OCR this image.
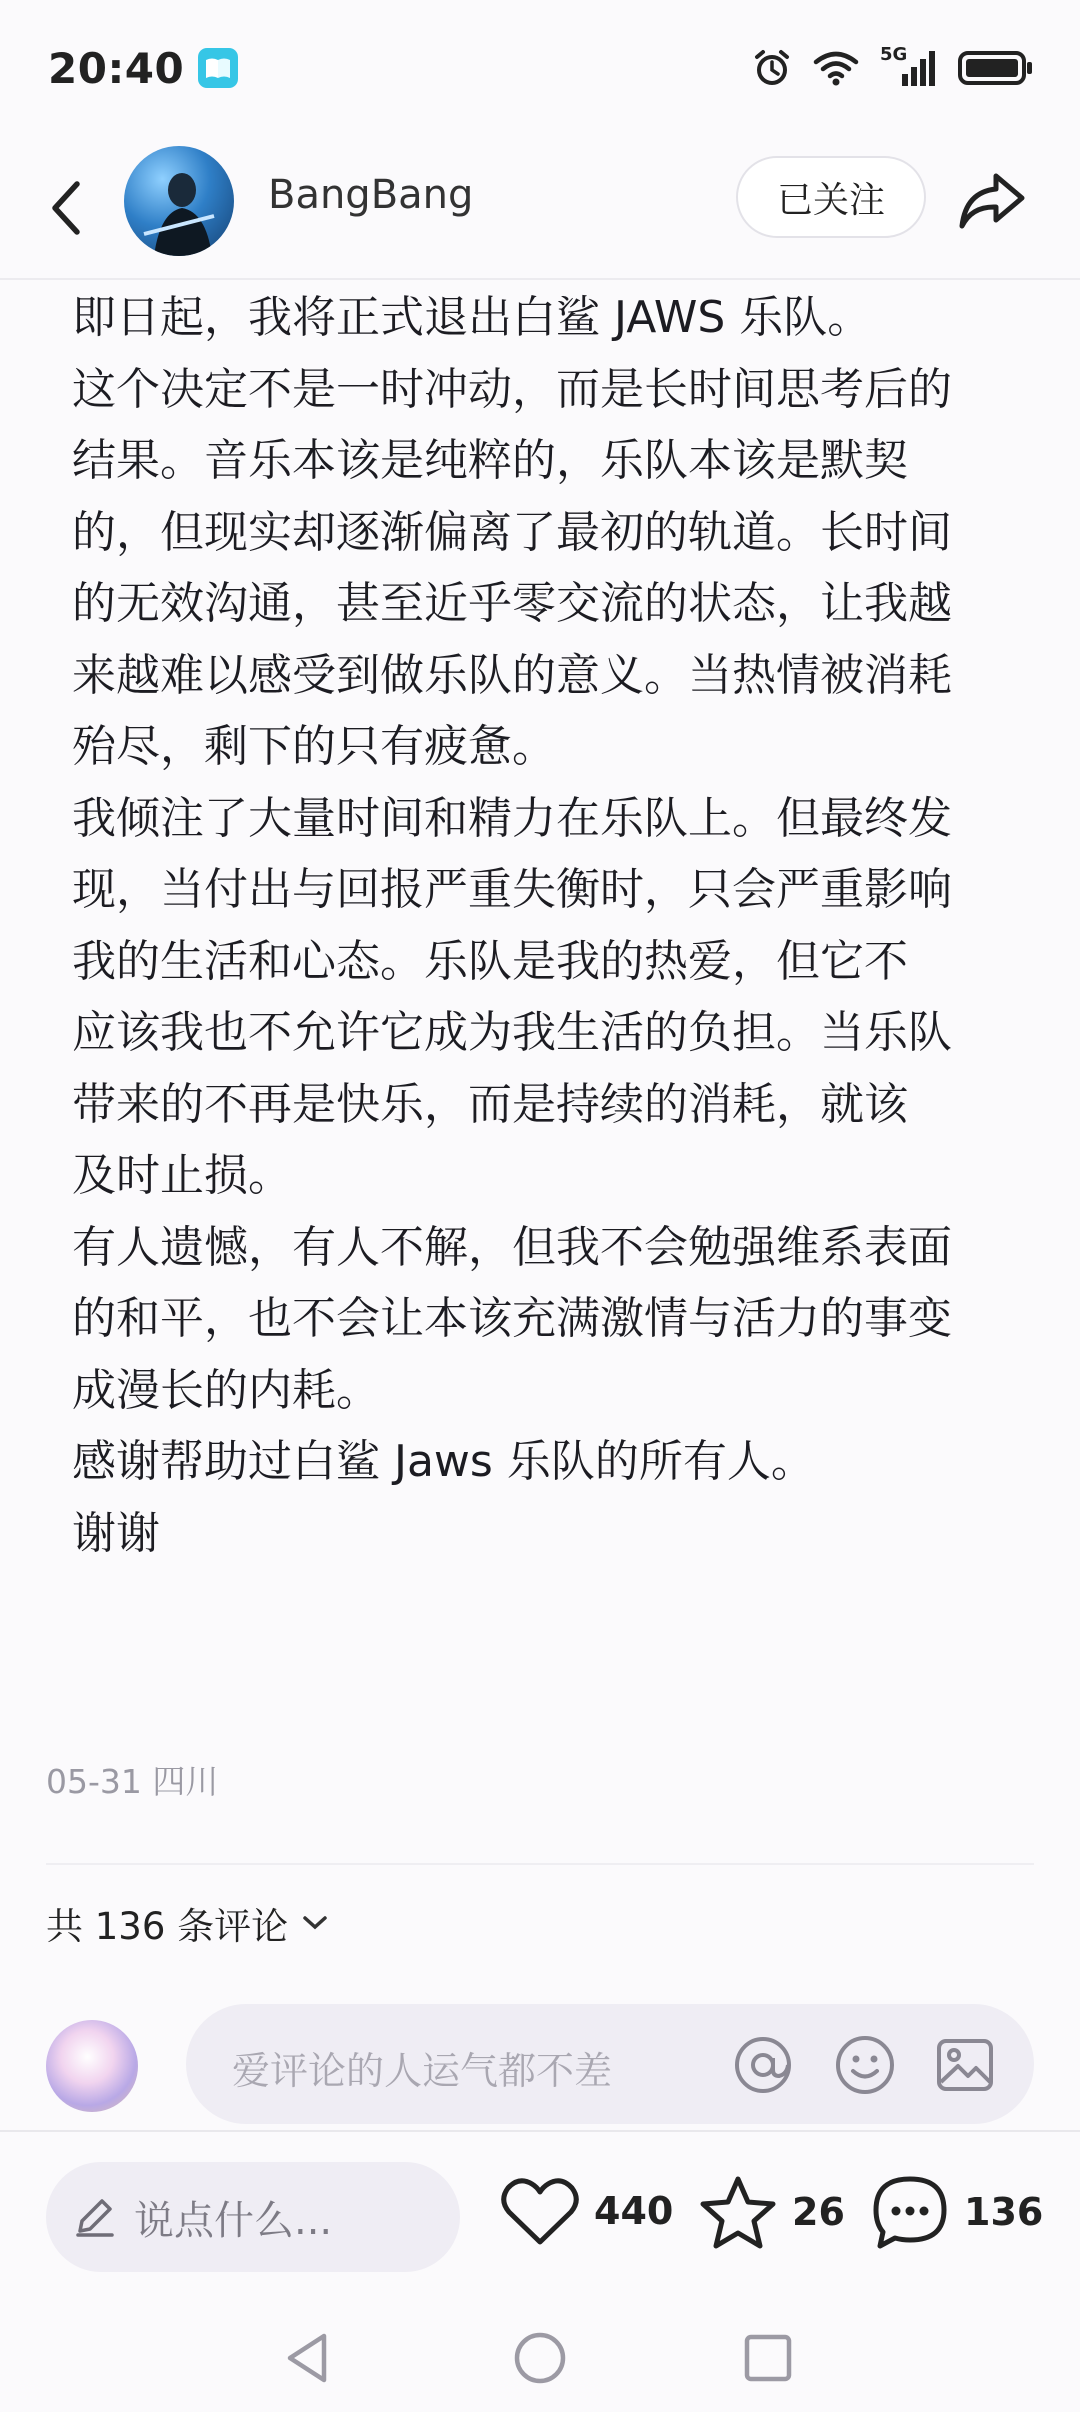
20:40	5G
BangBang	已关注

即日起，我将正式退出白鲨 JAWS 乐队。

这个决定不是一时冲动，而是长时间思考后的

结果。音乐本该是纯粹的，乐队本该是默契

的，但现实却逐渐偏离了最初的轨道。长时间

的无效沟通，甚至近乎零交流的状态，让我越

来越难以感受到做乐队的意义。当热情被消耗

殆尽，剩下的只有疲惫。

我倾注了大量时间和精力在乐队上。但最终发

现，当付出与回报严重失衡时，只会严重影响

我的生活和心态。乐队是我的热爱，但它不

应该我也不允许它成为我生活的负担。当乐队

带来的不再是快乐，而是持续的消耗，就该

及时止损。

有人遗憾，有人不解，但我不会勉强维系表面

的和平，也不会让本该充满激情与活力的事变

成漫长的内耗。

感谢帮助过白鲨 Jaws 乐队的所有人。

谢谢

05-31 四川
共 136 条评论
爱评论的人运气都不差
说点什么...	440	26	136
